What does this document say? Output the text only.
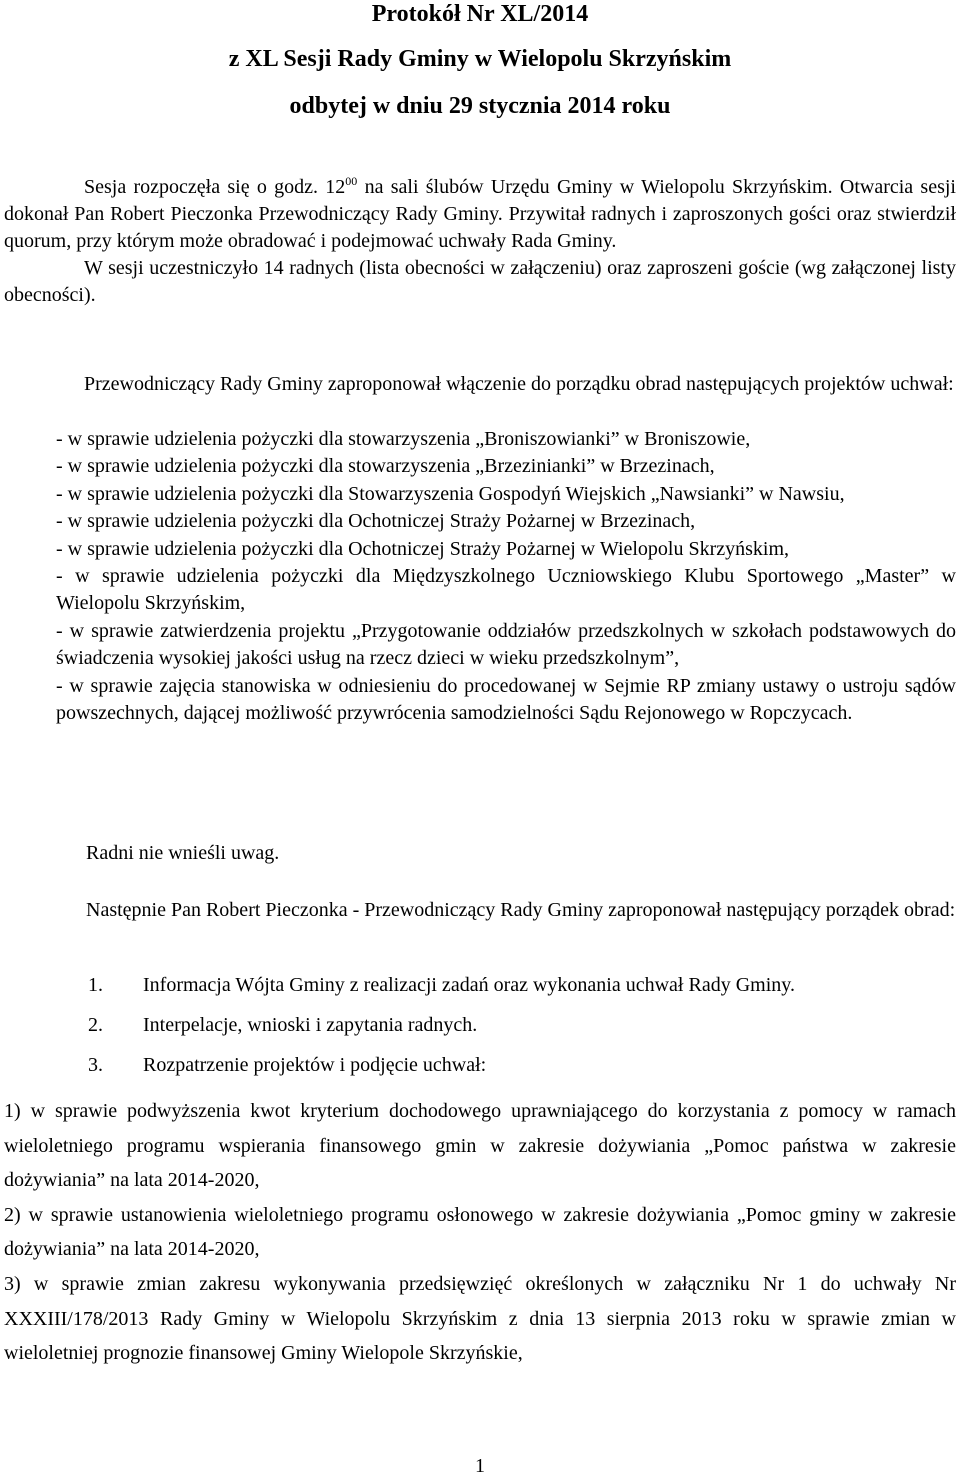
Protokół Nr XL/2014
z XL Sesji Rady Gminy w Wielopolu Skrzyńskim
odbytej w dniu 29 stycznia 2014 roku

Sesja rozpoczęła się o godz. $12^{00}$ na sali ślubów Urzędu Gminy w Wielopolu Skrzyńskim. Otwarcia sesji dokonał Pan Robert Pieczonka Przewodniczący Rady Gminy. Przywitał radnych i zaproszonych gości oraz stwierdził quorum, przy którym może obradować i podejmować uchwały Rada Gminy.

W sesji uczestniczyło 14 radnych (lista obecności w załączeniu) oraz zaproszeni goście (wg załączonej listy obecności).

Przewodniczący Rady Gminy zaproponował włączenie do porządku obrad następujących projektów uchwał:

- w sprawie udzielenia pożyczki dla stowarzyszenia „Broniszowianki” w Broniszowie,

- w sprawie udzielenia pożyczki dla stowarzyszenia „Brzezinianki” w Brzezinach,

- w sprawie udzielenia pożyczki dla Stowarzyszenia Gospodyń Wiejskich „Nawsianki” w Nawsiu,

- w sprawie udzielenia pożyczki dla Ochotniczej Straży Pożarnej w Brzezinach,

- w sprawie udzielenia pożyczki dla Ochotniczej Straży Pożarnej w Wielopolu Skrzyńskim,

- w sprawie udzielenia pożyczki dla Międzyszkolnego Uczniowskiego Klubu Sportowego „Master” w Wielopolu Skrzyńskim,

- w sprawie zatwierdzenia projektu „Przygotowanie oddziałów przedszkolnych w szkołach podstawowych do świadczenia wysokiej jakości usług na rzecz dzieci w wieku przedszkolnym”,

- w sprawie zajęcia stanowiska w odniesieniu do procedowanej w Sejmie RP zmiany ustawy o ustroju sądów powszechnych, dającej możliwość przywrócenia samodzielności Sądu Rejonowego w Ropczycach.

Radni nie wnieśli uwag.

Następnie Pan Robert Pieczonka - Przewodniczący Rady Gminy zaproponował następujący porządek obrad:

1. Informacja Wójta Gminy z realizacji zadań oraz wykonania uchwał Rady Gminy.
2. Interpelacje, wnioski i zapytania radnych.
3. Rozpatrzenie projektów i podjęcie uchwał:

1) w sprawie podwyższenia kwot kryterium dochodowego uprawniającego do korzystania z pomocy w ramach wieloletniego programu wspierania finansowego gmin w zakresie dożywiania „Pomoc państwa w zakresie dożywiania” na lata 2014-2020,

2) w sprawie ustanowienia wieloletniego programu osłonowego w zakresie dożywiania „Pomoc gminy w zakresie dożywiania” na lata 2014-2020,

3) w sprawie zmian zakresu wykonywania przedsięwzięć określonych w załączniku Nr 1 do uchwały Nr XXXIII/178/2013 Rady Gminy w Wielopolu Skrzyńskim z dnia 13 sierpnia 2013 roku w sprawie zmian w wieloletniej prognozie finansowej Gminy Wielopole Skrzyńskie,

1
